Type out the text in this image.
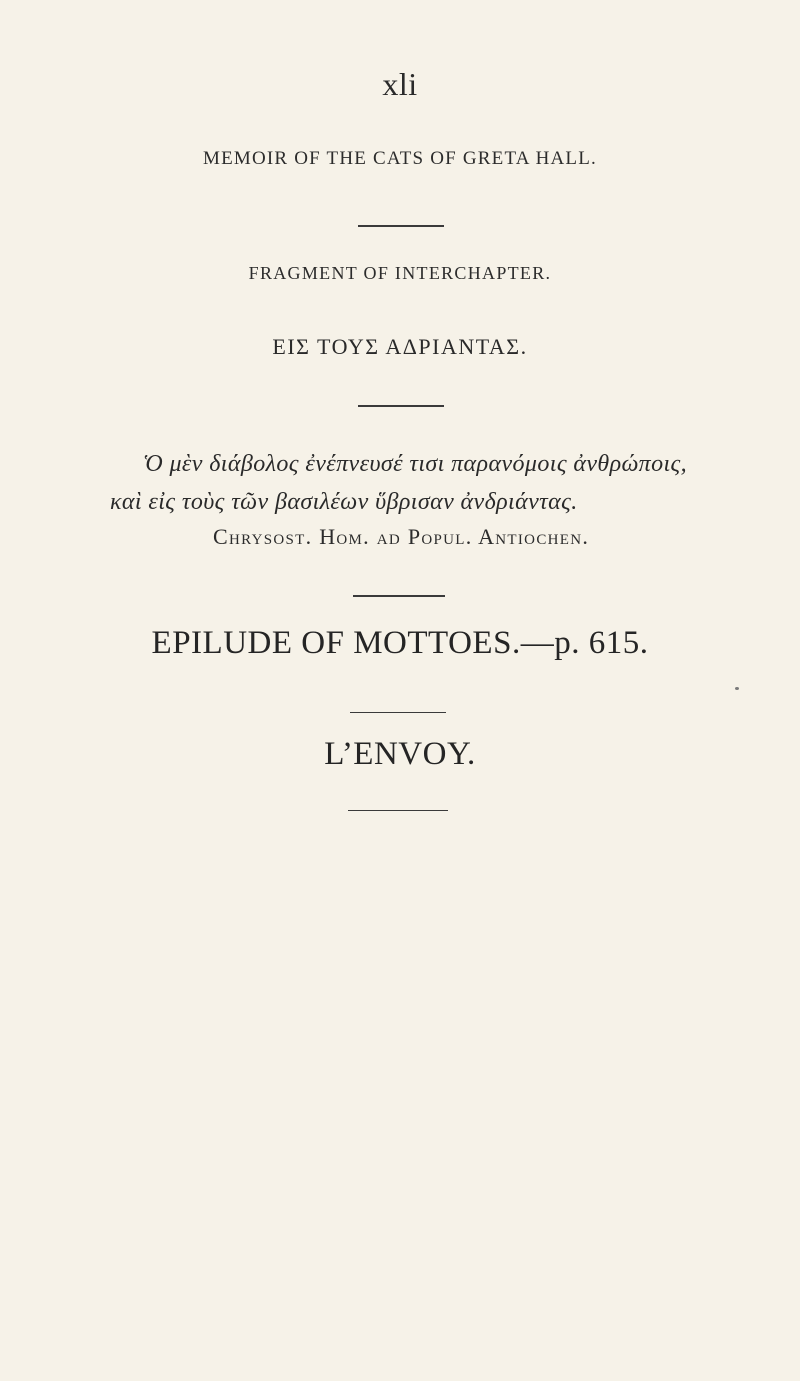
xli
MEMOIR OF THE CATS OF GRETA HALL.
FRAGMENT OF INTERCHAPTER.
ΕΙΣ ΤΟΥΣ ΑΔΡΙΑΝΤΑΣ.
Ὁ μὲν διάβολος ἐνέπνευσέ τισι παρανόμοις ἀνθρώποις,
καὶ εἰς τοὺς τῶν βασιλέων ὕβρισαν ἀνδριάντας.
Chrysost. Hom. ad Popul. Antiochen.
EPILUDE OF MOTTOES.—p. 615.
L’ENVOY.
